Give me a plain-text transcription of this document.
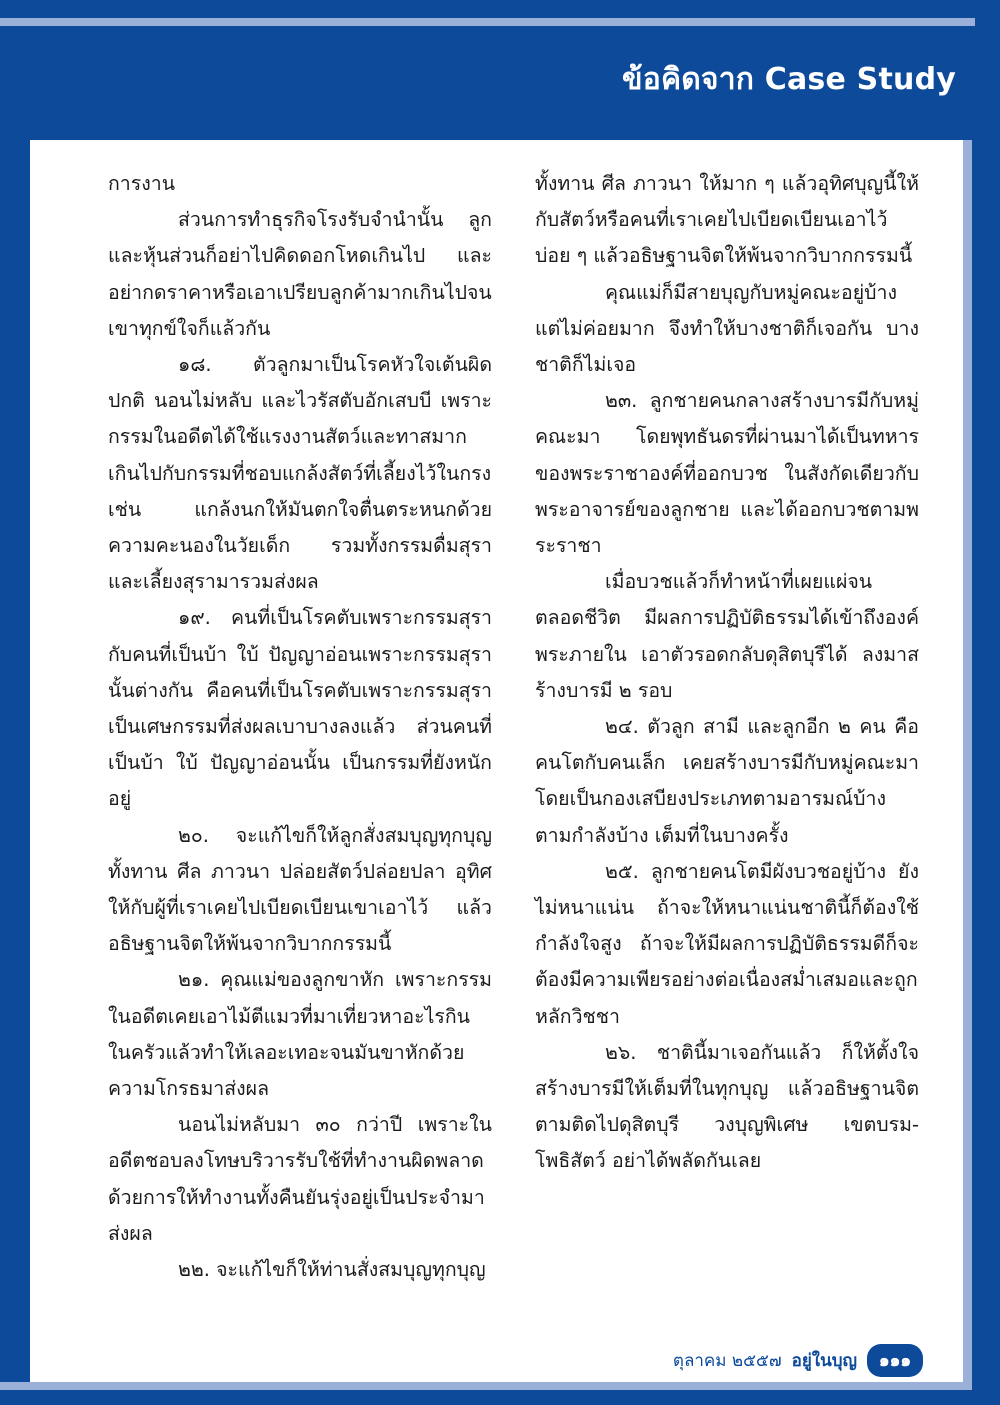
ข้อคิดจาก Case Study

การงาน

ส่วนการทำธุรกิจโรงรับจำนำนั้น ลูกและหุ้นส่วนก็อย่าไปคิดดอกโหดเกินไป และอย่ากดราคาหรือเอาเปรียบลูกค้ามากเกินไปจนเขาทุกข์ใจก็แล้วกัน

๑๘. ตัวลูกมาเป็นโรคหัวใจเต้นผิดปกติ นอนไม่หลับ และไวรัสตับอักเสบบี เพราะกรรมในอดีตได้ใช้แรงงานสัตว์และทาสมากเกินไปกับกรรมที่ชอบแกล้งสัตว์ที่เลี้ยงไว้ในกรง เช่น แกล้งนกให้มันตกใจตื่นตระหนกด้วยความคะนองในวัยเด็ก รวมทั้งกรรมดื่มสุราและเลี้ยงสุรามารวมส่งผล

๑๙. คนที่เป็นโรคตับเพราะกรรมสุรากับคนที่เป็นบ้า ใบ้ ปัญญาอ่อนเพราะกรรมสุรานั้นต่างกัน คือคนที่เป็นโรคตับเพราะกรรมสุรา เป็นเศษกรรมที่ส่งผลเบาบางลงแล้ว ส่วนคนที่เป็นบ้า ใบ้ ปัญญาอ่อนนั้น เป็นกรรมที่ยังหนักอยู่

๒๐. จะแก้ไขก็ให้ลูกสั่งสมบุญทุกบุญทั้งทาน ศีล ภาวนา ปล่อยสัตว์ปล่อยปลา อุทิศให้กับผู้ที่เราเคยไปเบียดเบียนเขาเอาไว้ แล้วอธิษฐานจิตให้พ้นจากวิบากกรรมนี้

๒๑. คุณแม่ของลูกขาหัก เพราะกรรมในอดีตเคยเอาไม้ตีแมวที่มาเที่ยวหาอะไรกินในครัวแล้วทำให้เลอะเทอะจนมันขาหักด้วยความโกรธมาส่งผล

นอนไม่หลับมา ๓๐ กว่าปี เพราะในอดีตชอบลงโทษบริวารรับใช้ที่ทำงานผิดพลาดด้วยการให้ทำงานทั้งคืนยันรุ่งอยู่เป็นประจำมาส่งผล

๒๒. จะแก้ไขก็ให้ท่านสั่งสมบุญทุกบุญ

ทั้งทาน ศีล ภาวนา ให้มาก ๆ แล้วอุทิศบุญนี้ให้กับสัตว์หรือคนที่เราเคยไปเบียดเบียนเอาไว้บ่อย ๆ แล้วอธิษฐานจิตให้พ้นจากวิบากกรรมนี้

คุณแม่ก็มีสายบุญกับหมู่คณะอยู่บ้าง แต่ไม่ค่อยมาก จึงทำให้บางชาติก็เจอกัน บางชาติก็ไม่เจอ

๒๓. ลูกชายคนกลางสร้างบารมีกับหมู่คณะมา โดยพุทธันดรที่ผ่านมาได้เป็นทหารของพระราชาองค์ที่ออกบวช ในสังกัดเดียวกับพระอาจารย์ของลูกชาย และได้ออกบวชตามพระราชา

เมื่อบวชแล้วก็ทำหน้าที่เผยแผ่จนตลอดชีวิต มีผลการปฏิบัติธรรมได้เข้าถึงองค์พระภายใน เอาตัวรอดกลับดุสิตบุรีได้ ลงมาสร้างบารมี ๒ รอบ

๒๔. ตัวลูก สามี และลูกอีก ๒ คน คือคนโตกับคนเล็ก เคยสร้างบารมีกับหมู่คณะมาโดยเป็นกองเสบียงประเภทตามอารมณ์บ้าง ตามกำลังบ้าง เต็มที่ในบางครั้ง

๒๕. ลูกชายคนโตมีผังบวชอยู่บ้าง ยังไม่หนาแน่น ถ้าจะให้หนาแน่นชาตินี้ก็ต้องใช้กำลังใจสูง ถ้าจะให้มีผลการปฏิบัติธรรมดีก็จะต้องมีความเพียรอย่างต่อเนื่องสม่ำเสมอและถูกหลักวิชชา

๒๖. ชาตินี้มาเจอกันแล้ว ก็ให้ตั้งใจสร้างบารมีให้เต็มที่ในทุกบุญ แล้วอธิษฐานจิตตามติดไปดุสิตบุรี วงบุญพิเศษ เขตบรม-โพธิสัตว์ อย่าได้พลัดกันเลย

ตุลาคม ๒๕๕๗ อยู่ในบุญ	๑๑๑
